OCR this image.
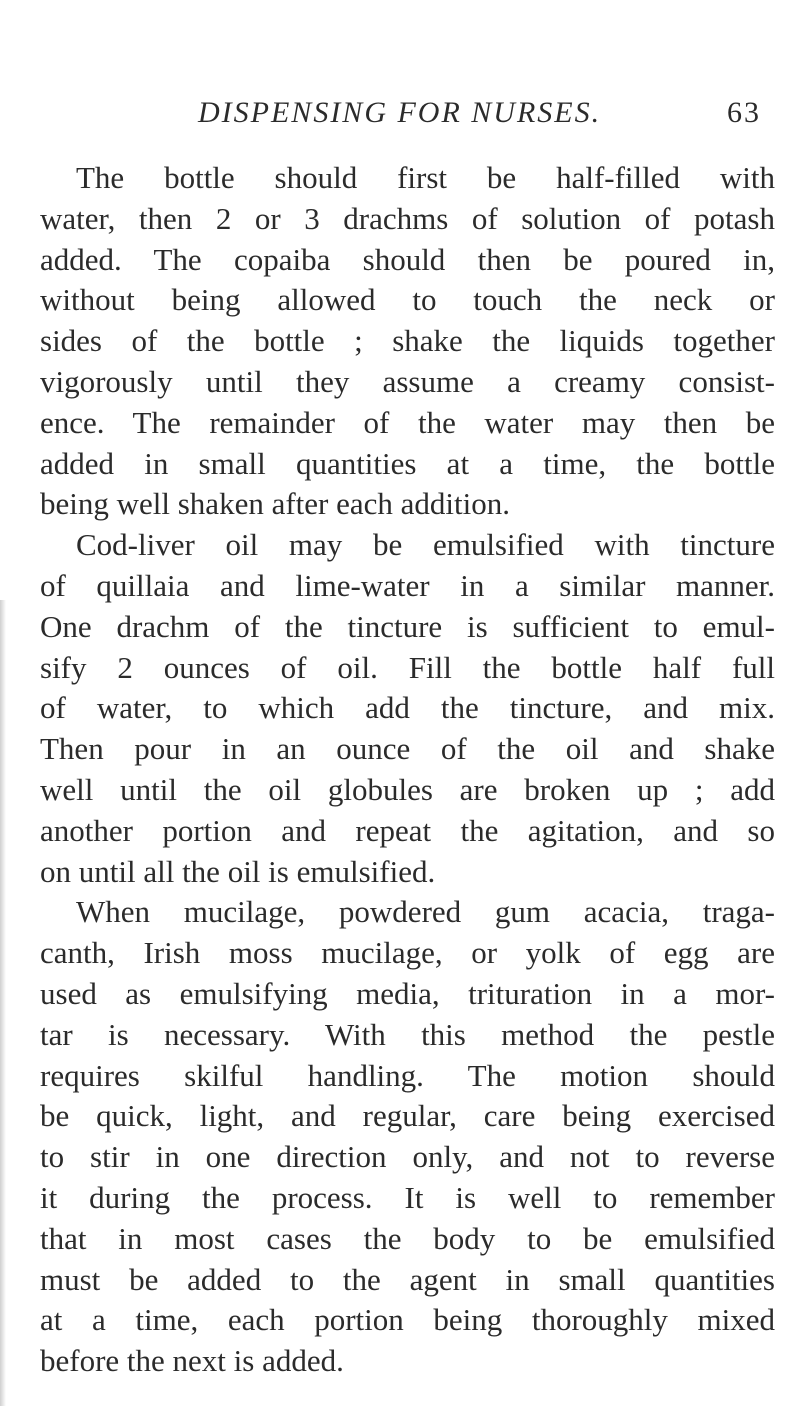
DISPENSING FOR NURSES.	63
The bottle should first be half-filled with
water, then 2 or 3 drachms of solution of potash
added. The copaiba should then be poured in,
without being allowed to touch the neck or
sides of the bottle ; shake the liquids together
vigorously until they assume a creamy consist-
ence. The remainder of the water may then be
added in small quantities at a time, the bottle
being well shaken after each addition.
Cod-liver oil may be emulsified with tincture
of quillaia and lime-water in a similar manner.
One drachm of the tincture is sufficient to emul-
sify 2 ounces of oil. Fill the bottle half full
of water, to which add the tincture, and mix.
Then pour in an ounce of the oil and shake
well until the oil globules are broken up ; add
another portion and repeat the agitation, and so
on until all the oil is emulsified.
When mucilage, powdered gum acacia, traga-
canth, Irish moss mucilage, or yolk of egg are
used as emulsifying media, trituration in a mor-
tar is necessary. With this method the pestle
requires skilful handling. The motion should
be quick, light, and regular, care being exercised
to stir in one direction only, and not to reverse
it during the process. It is well to remember
that in most cases the body to be emulsified
must be added to the agent in small quantities
at a time, each portion being thoroughly mixed
before the next is added.
